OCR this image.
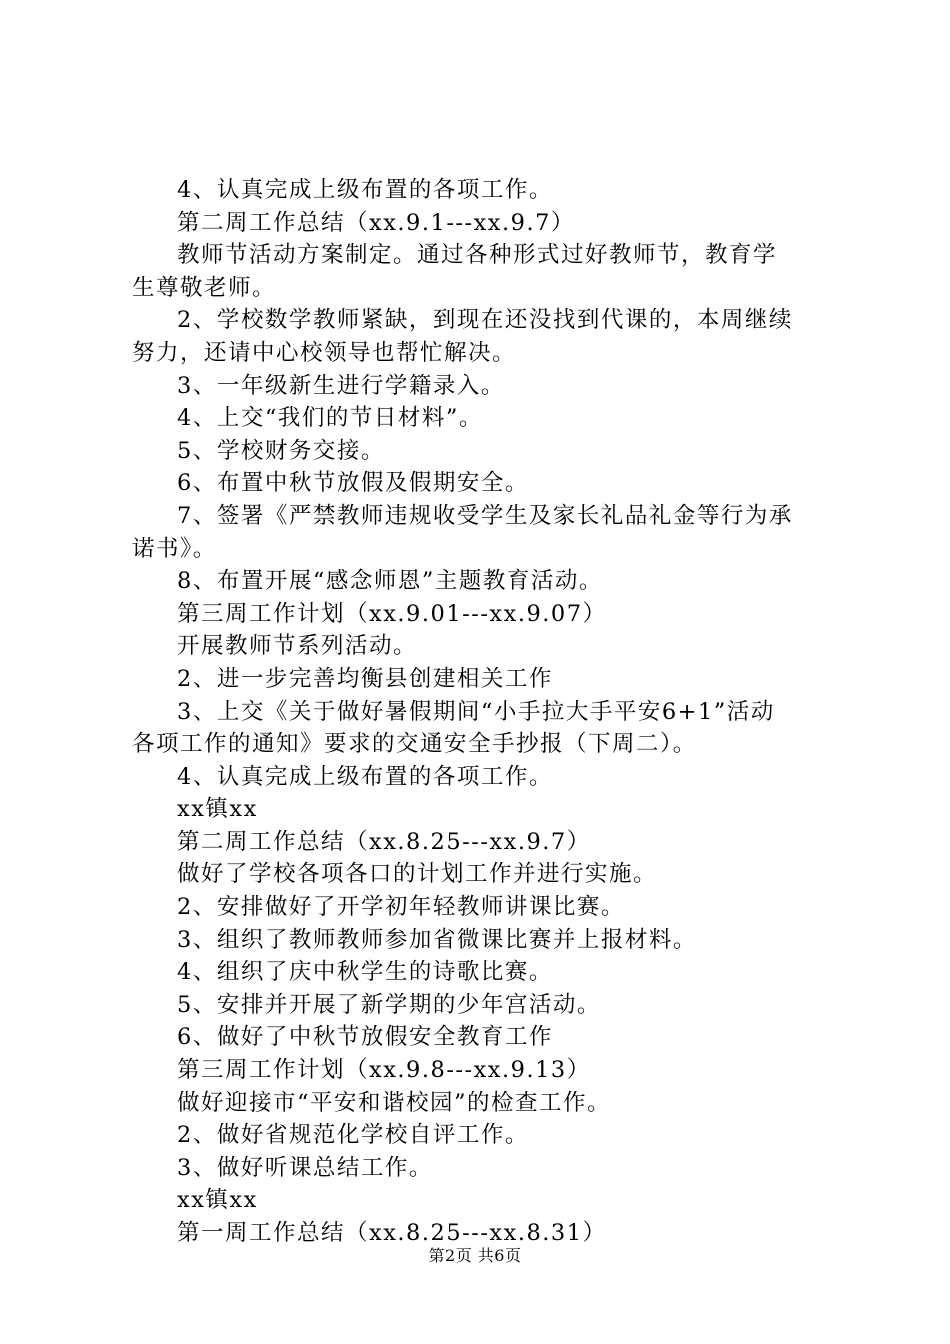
4、认真完成上级布置的各项工作。
第二周工作总结（xx.9.1---xx.9.7）
教师节活动方案制定。通过各种形式过好教师节，教育学
生尊敬老师。
2、学校数学教师紧缺，到现在还没找到代课的，本周继续
努力，还请中心校领导也帮忙解决。
3、一年级新生进行学籍录入。
4、上交“我们的节日材料”。
5、学校财务交接。
6、布置中秋节放假及假期安全。
7、签署《严禁教师违规收受学生及家长礼品礼金等行为承
诺书》。
8、布置开展“感念师恩”主题教育活动。
第三周工作计划（xx.9.01---xx.9.07）
开展教师节系列活动。
2、进一步完善均衡县创建相关工作
3、上交《关于做好暑假期间“小手拉大手平安6+1”活动
各项工作的通知》要求的交通安全手抄报（下周二）。
4、认真完成上级布置的各项工作。
xx镇xx
第二周工作总结（xx.8.25---xx.9.7）
做好了学校各项各口的计划工作并进行实施。
2、安排做好了开学初年轻教师讲课比赛。
3、组织了教师教师参加省微课比赛并上报材料。
4、组织了庆中秋学生的诗歌比赛。
5、安排并开展了新学期的少年宫活动。
6、做好了中秋节放假安全教育工作
第三周工作计划（xx.9.8---xx.9.13）
做好迎接市“平安和谐校园”的检查工作。
2、做好省规范化学校自评工作。
3、做好听课总结工作。
xx镇xx
第一周工作总结（xx.8.25---xx.8.31）
第2页 共6页
